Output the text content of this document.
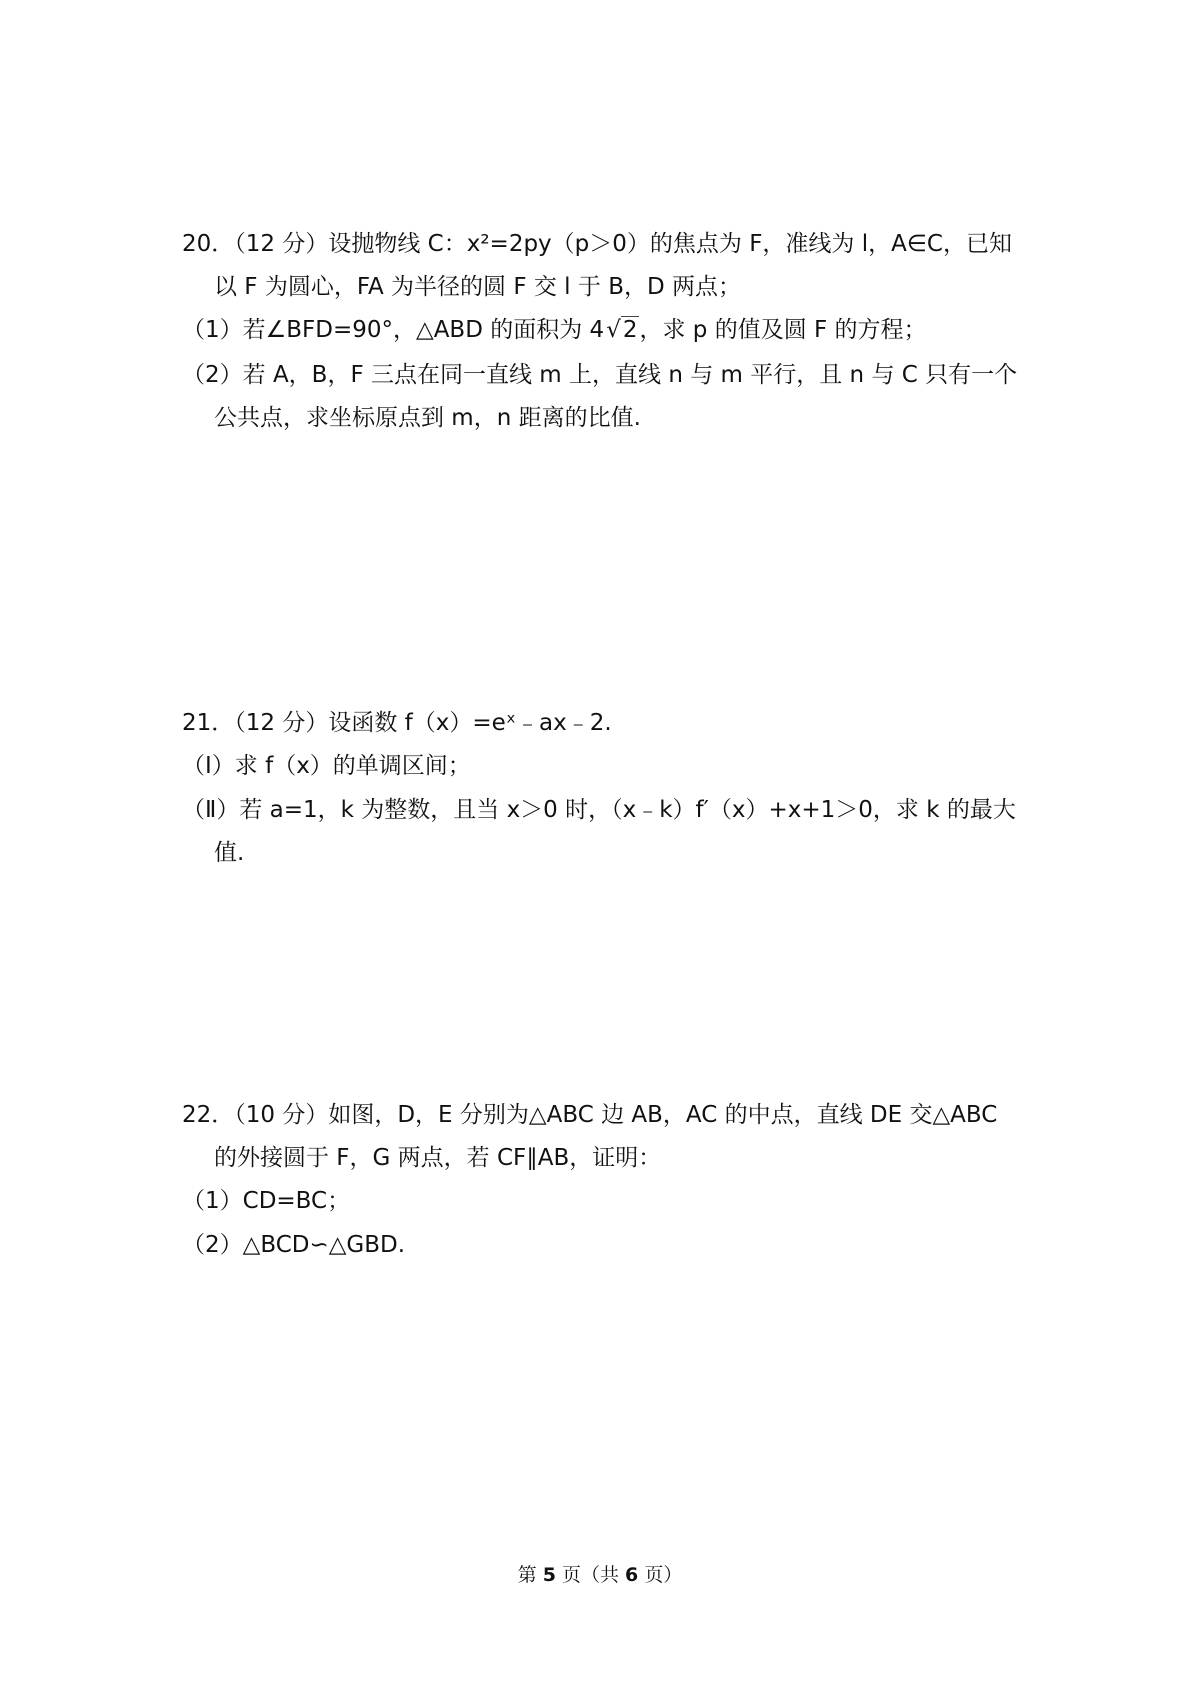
20．（12 分）设抛物线 C：x²=2py（p＞0）的焦点为 F，准线为 l，A∈C，已知
以 F 为圆心，FA 为半径的圆 F 交 l 于 B，D 两点；
（1）若∠BFD=90°，△ABD 的面积为 4√2，求 p 的值及圆 F 的方程；
（2）若 A，B，F 三点在同一直线 m 上，直线 n 与 m 平行，且 n 与 C 只有一个
公共点，求坐标原点到 m，n 距离的比值.
21．（12 分）设函数 f（x）=eˣ﹣ax﹣2.
（Ⅰ）求 f（x）的单调区间；
（Ⅱ）若 a=1，k 为整数，且当 x＞0 时，（x﹣k）f′（x）+x+1＞0，求 k 的最大
值.
22．（10 分）如图，D，E 分别为△ABC 边 AB，AC 的中点，直线 DE 交△ABC
的外接圆于 F，G 两点，若 CF∥AB，证明：
（1）CD=BC；
（2）△BCD∽△GBD.
第 5 页（共 6 页）
